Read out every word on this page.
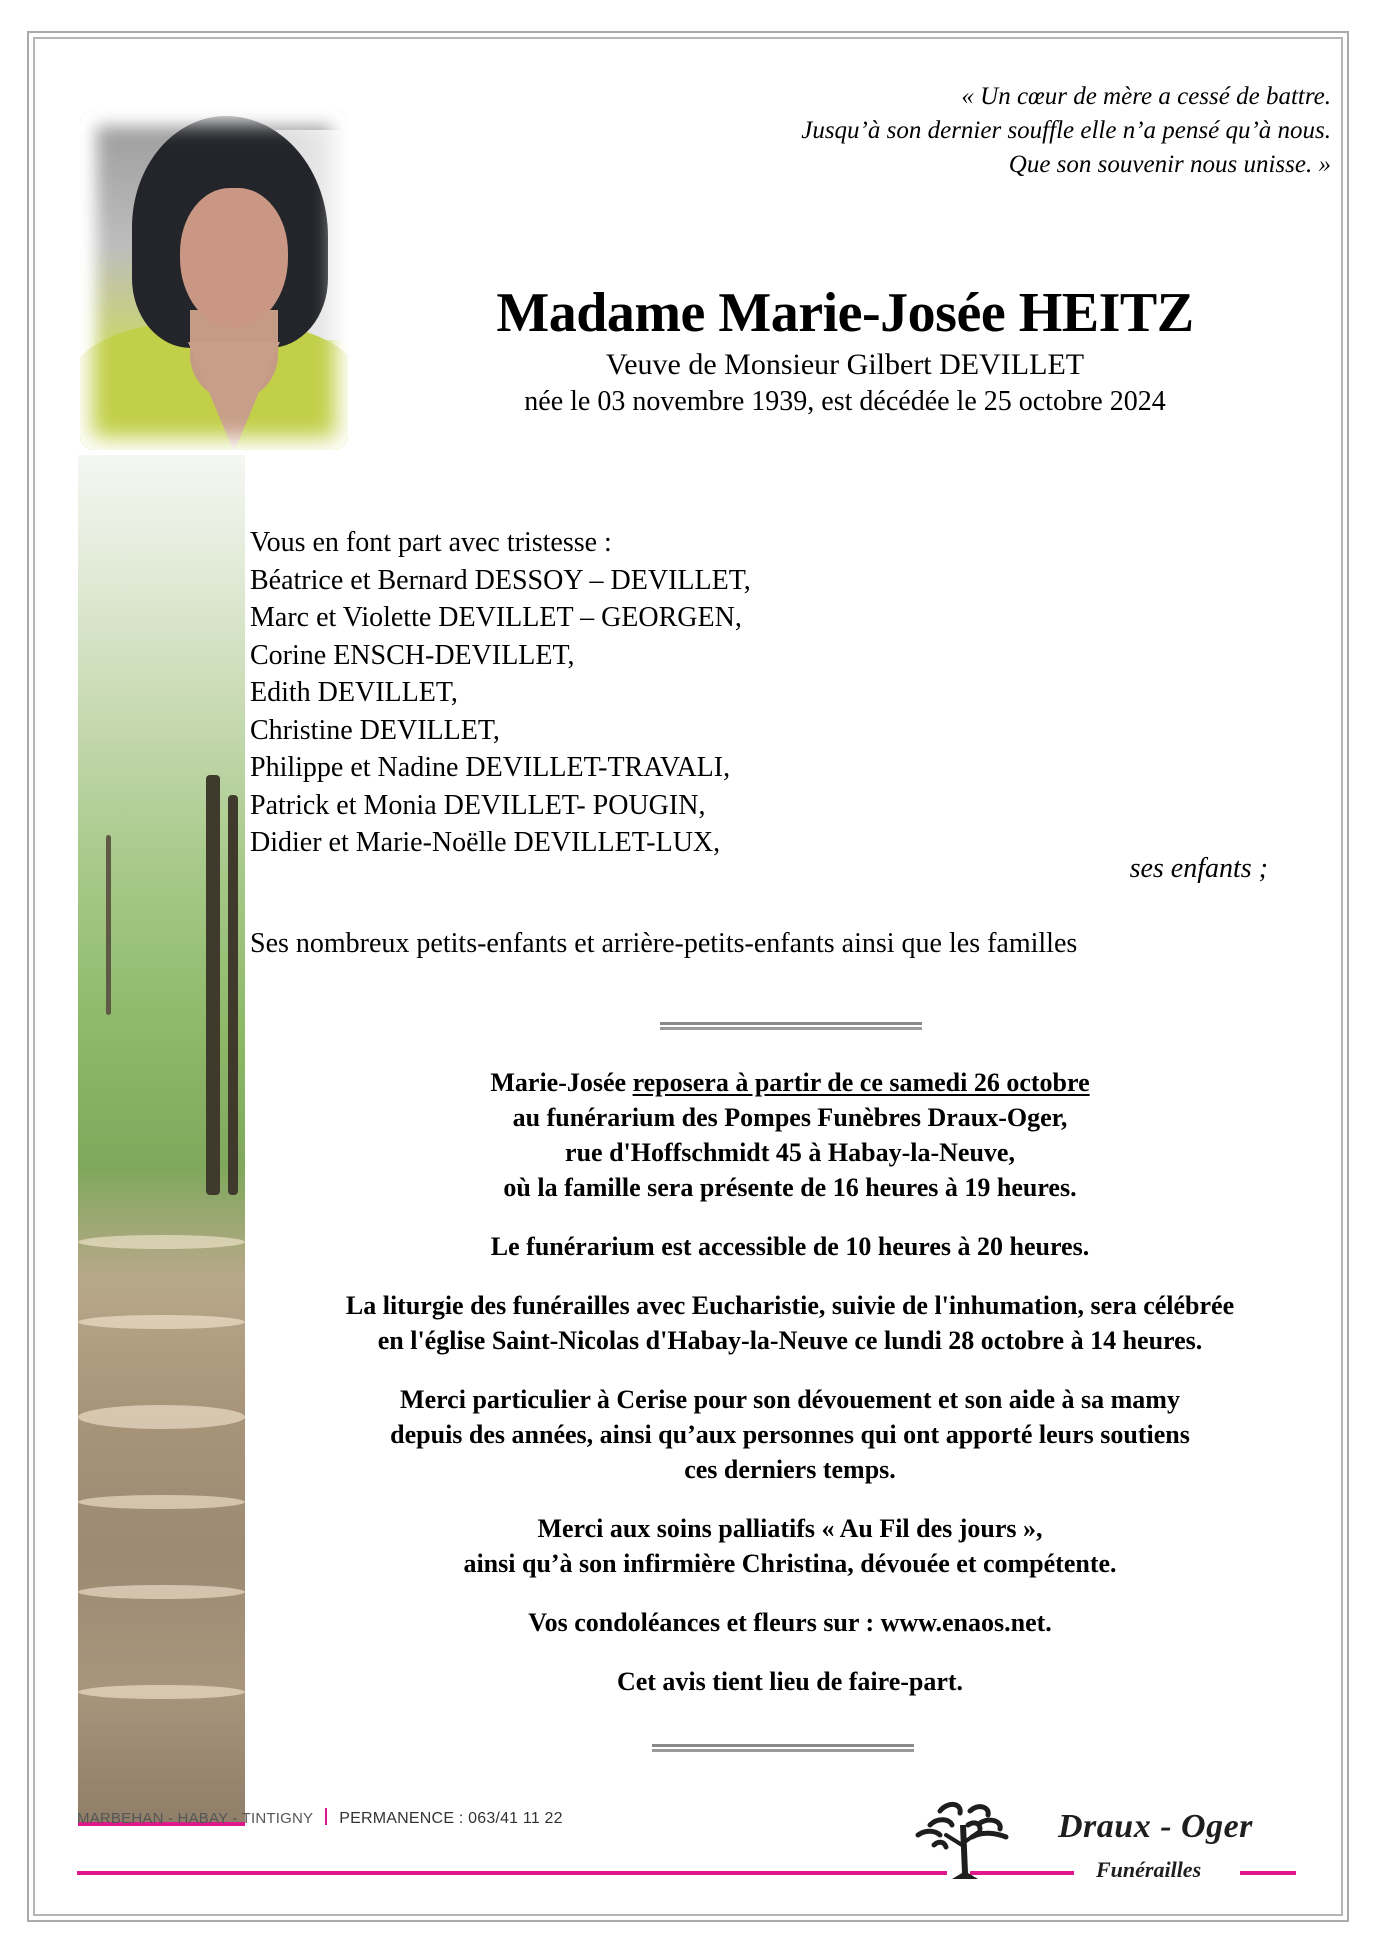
« Un cœur de mère a cessé de battre.
Jusqu’à son dernier souffle elle n’a pensé qu’à nous.
Que son souvenir nous unisse. »
Madame Marie-Josée HEITZ
Veuve de Monsieur Gilbert DEVILLET
née le 03 novembre 1939, est décédée le 25 octobre 2024
Vous en font part avec tristesse :
Béatrice et Bernard DESSOY – DEVILLET,
Marc et Violette DEVILLET – GEORGEN,
Corine ENSCH-DEVILLET,
Edith DEVILLET,
Christine DEVILLET,
Philippe et Nadine DEVILLET-TRAVALI,
Patrick et Monia DEVILLET- POUGIN,
Didier et Marie-Noëlle DEVILLET-LUX,
ses enfants ;
Ses nombreux petits-enfants et arrière-petits-enfants ainsi que les familles

Marie-Josée reposera à partir de ce samedi 26 octobre
au funérarium des Pompes Funèbres Draux-Oger,
rue d'Hoffschmidt 45 à Habay-la-Neuve,
où la famille sera présente de 16 heures à 19 heures.

Le funérarium est accessible de 10 heures à 20 heures.

La liturgie des funérailles avec Eucharistie, suivie de l'inhumation, sera célébrée
en l'église Saint-Nicolas d'Habay-la-Neuve ce lundi 28 octobre à 14 heures.

Merci particulier à Cerise pour son dévouement et son aide à sa mamy
depuis des années, ainsi qu’aux personnes qui ont apporté leurs soutiens
ces derniers temps.

Merci aux soins palliatifs « Au Fil des jours »,
ainsi qu’à son infirmière Christina, dévouée et compétente.

Vos condoléances et fleurs sur : www.enaos.net.

Cet avis tient lieu de faire-part.

MARBEHAN - HABAY - TINTIGNY PERMANENCE : 063/41 11 22	Draux - Oger
Funérailles
